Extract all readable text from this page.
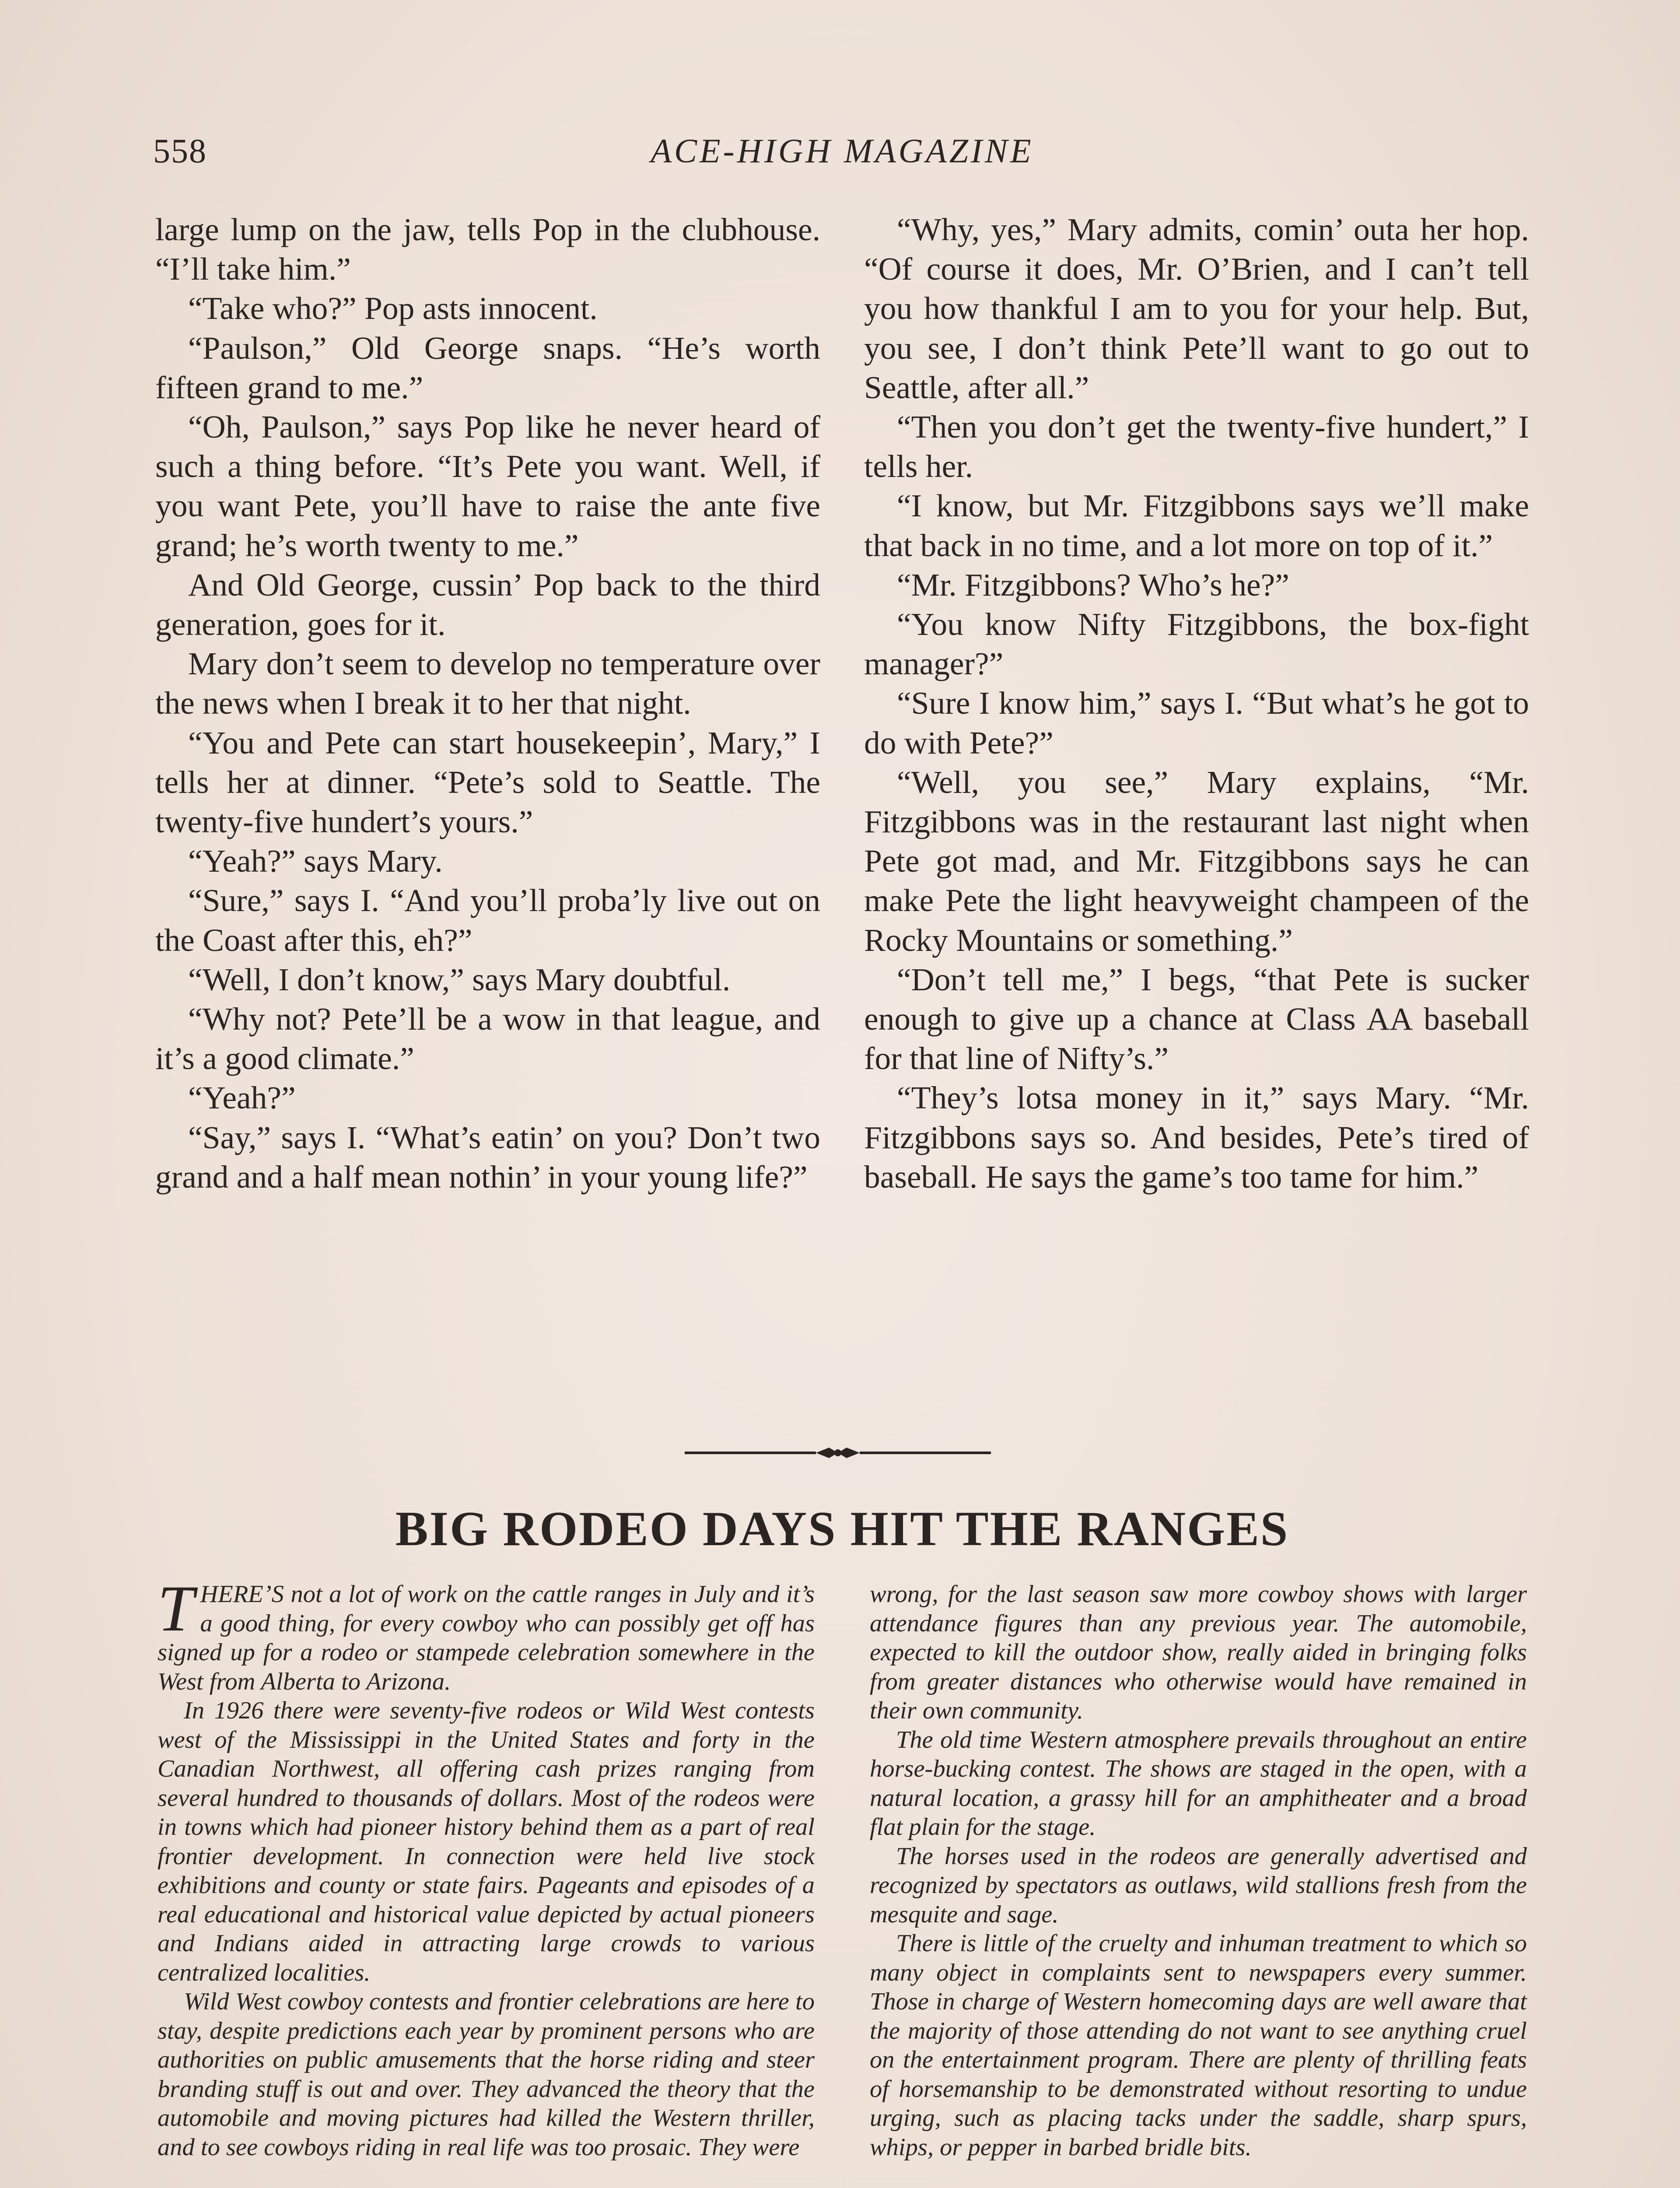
558	ACE-HIGH MAGAZINE

large lump on the jaw, tells Pop in the clubhouse. “I’ll take him.”

“Take who?” Pop asts innocent.

“Paulson,” Old George snaps. “He’s worth fifteen grand to me.”

“Oh, Paulson,” says Pop like he never heard of such a thing before. “It’s Pete you want. Well, if you want Pete, you’ll have to raise the ante five grand; he’s worth twenty to me.”

And Old George, cussin’ Pop back to the third generation, goes for it.

Mary don’t seem to develop no temperature over the news when I break it to her that night.

“You and Pete can start housekeepin’, Mary,” I tells her at dinner. “Pete’s sold to Seattle. The twenty-five hundert’s yours.”

“Yeah?” says Mary.

“Sure,” says I. “And you’ll proba’ly live out on the Coast after this, eh?”

“Well, I don’t know,” says Mary doubtful.

“Why not? Pete’ll be a wow in that league, and it’s a good climate.”

“Yeah?”

“Say,” says I. “What’s eatin’ on you? Don’t two grand and a half mean nothin’ in your young life?”

“Why, yes,” Mary admits, comin’ outa her hop. “Of course it does, Mr. O’Brien, and I can’t tell you how thankful I am to you for your help. But, you see, I don’t think Pete’ll want to go out to Seattle, after all.”

“Then you don’t get the twenty-five hundert,” I tells her.

“I know, but Mr. Fitzgibbons says we’ll make that back in no time, and a lot more on top of it.”

“Mr. Fitzgibbons? Who’s he?”

“You know Nifty Fitzgibbons, the box-fight manager?”

“Sure I know him,” says I. “But what’s he got to do with Pete?”

“Well, you see,” Mary explains, “Mr. Fitzgibbons was in the restaurant last night when Pete got mad, and Mr. Fitzgibbons says he can make Pete the light heavyweight champeen of the Rocky Mountains or something.”

“Don’t tell me,” I begs, “that Pete is sucker enough to give up a chance at Class AA baseball for that line of Nifty’s.”

“They’s lotsa money in it,” says Mary. “Mr. Fitzgibbons says so. And besides, Pete’s tired of baseball. He says the game’s too tame for him.”

BIG RODEO DAYS HIT THE RANGES

THERE’S not a lot of work on the cattle ranges in July and it’s a good thing, for every cowboy who can possibly get off has signed up for a rodeo or stampede celebration somewhere in the West from Alberta to Arizona.

In 1926 there were seventy-five rodeos or Wild West contests west of the Mississippi in the United States and forty in the Canadian Northwest, all offering cash prizes ranging from several hundred to thousands of dollars. Most of the rodeos were in towns which had pioneer history behind them as a part of real frontier development. In connection were held live stock exhibitions and county or state fairs. Pageants and episodes of a real educational and historical value depicted by actual pioneers and Indians aided in attracting large crowds to various centralized localities.

Wild West cowboy contests and frontier celebrations are here to stay, despite predictions each year by prominent persons who are authorities on public amusements that the horse riding and steer branding stuff is out and over. They advanced the theory that the automobile and moving pictures had killed the Western thriller, and to see cowboys riding in real life was too prosaic. They were

wrong, for the last season saw more cowboy shows with larger attendance figures than any previous year. The automobile, expected to kill the outdoor show, really aided in bringing folks from greater distances who otherwise would have remained in their own community.

The old time Western atmosphere prevails throughout an entire horse-bucking contest. The shows are staged in the open, with a natural location, a grassy hill for an amphitheater and a broad flat plain for the stage.

The horses used in the rodeos are generally advertised and recognized by spectators as outlaws, wild stallions fresh from the mesquite and sage.

There is little of the cruelty and inhuman treatment to which so many object in complaints sent to newspapers every summer. Those in charge of Western homecoming days are well aware that the majority of those attending do not want to see anything cruel on the entertainment program. There are plenty of thrilling feats of horsemanship to be demonstrated without resorting to undue urging, such as placing tacks under the saddle, sharp spurs, whips, or pepper in barbed bridle bits.
